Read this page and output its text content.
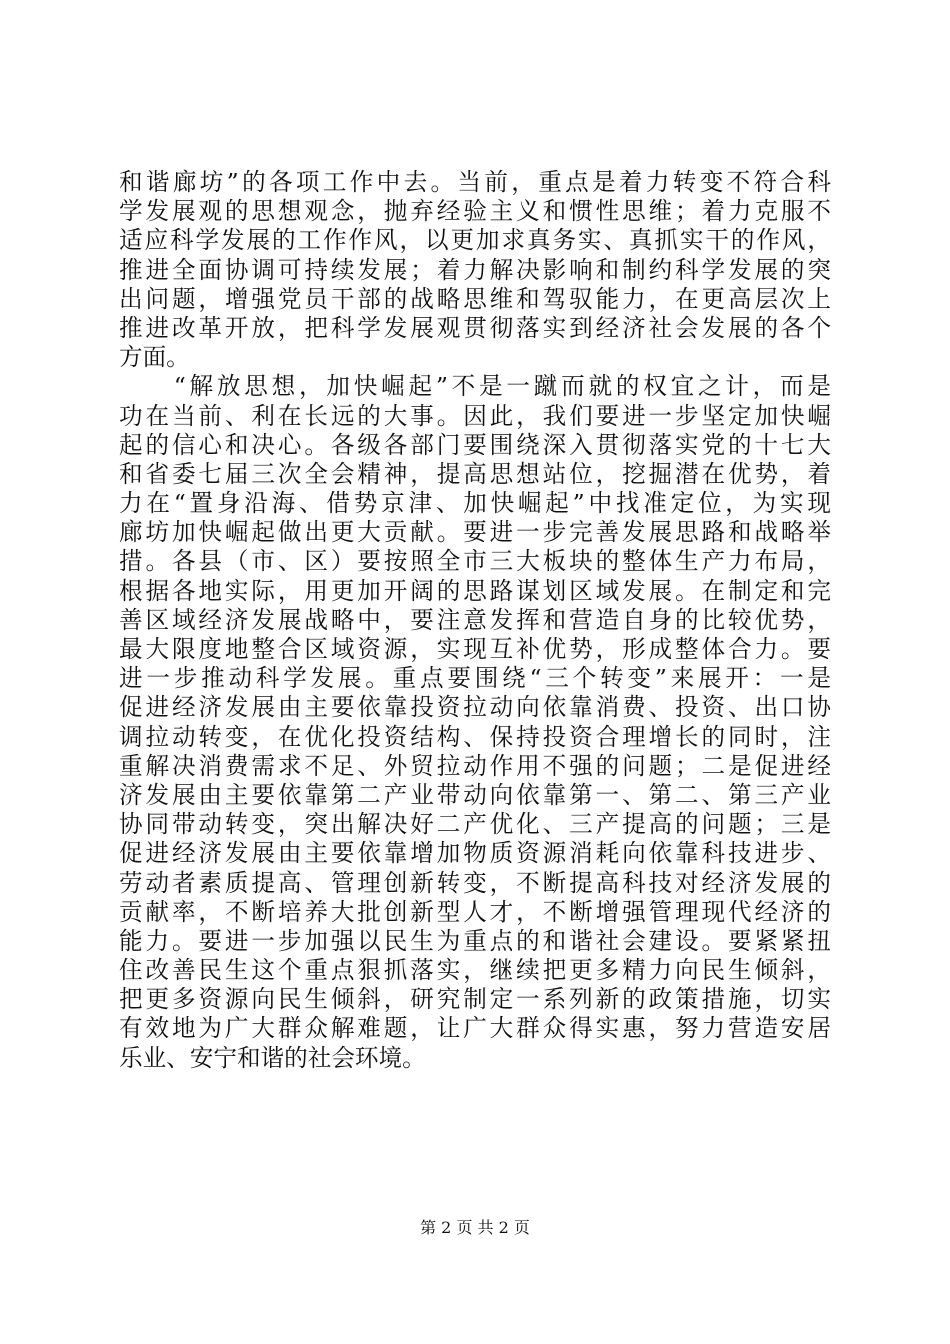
和谐廊坊”的各项工作中去。当前，重点是着力转变不符合科
学发展观的思想观念，抛弃经验主义和惯性思维；着力克服不
适应科学发展的工作作风，以更加求真务实、真抓实干的作风，
推进全面协调可持续发展；着力解决影响和制约科学发展的突
出问题，增强党员干部的战略思维和驾驭能力，在更高层次上
推进改革开放，把科学发展观贯彻落实到经济社会发展的各个
方面。
　　“解放思想，加快崛起”不是一蹴而就的权宜之计，而是
功在当前、利在长远的大事。因此，我们要进一步坚定加快崛
起的信心和决心。各级各部门要围绕深入贯彻落实党的十七大
和省委七届三次全会精神，提高思想站位，挖掘潜在优势，着
力在“置身沿海、借势京津、加快崛起”中找准定位，为实现
廊坊加快崛起做出更大贡献。要进一步完善发展思路和战略举
措。各县（市、区）要按照全市三大板块的整体生产力布局，
根据各地实际，用更加开阔的思路谋划区域发展。在制定和完
善区域经济发展战略中，要注意发挥和营造自身的比较优势，
最大限度地整合区域资源，实现互补优势，形成整体合力。要
进一步推动科学发展。重点要围绕“三个转变”来展开：一是
促进经济发展由主要依靠投资拉动向依靠消费、投资、出口协
调拉动转变，在优化投资结构、保持投资合理增长的同时，注
重解决消费需求不足、外贸拉动作用不强的问题；二是促进经
济发展由主要依靠第二产业带动向依靠第一、第二、第三产业
协同带动转变，突出解决好二产优化、三产提高的问题；三是
促进经济发展由主要依靠增加物质资源消耗向依靠科技进步、
劳动者素质提高、管理创新转变，不断提高科技对经济发展的
贡献率，不断培养大批创新型人才，不断增强管理现代经济的
能力。要进一步加强以民生为重点的和谐社会建设。要紧紧扭
住改善民生这个重点狠抓落实，继续把更多精力向民生倾斜，
把更多资源向民生倾斜，研究制定一系列新的政策措施，切实
有效地为广大群众解难题，让广大群众得实惠，努力营造安居
乐业、安宁和谐的社会环境。
第 2 页 共 2 页
